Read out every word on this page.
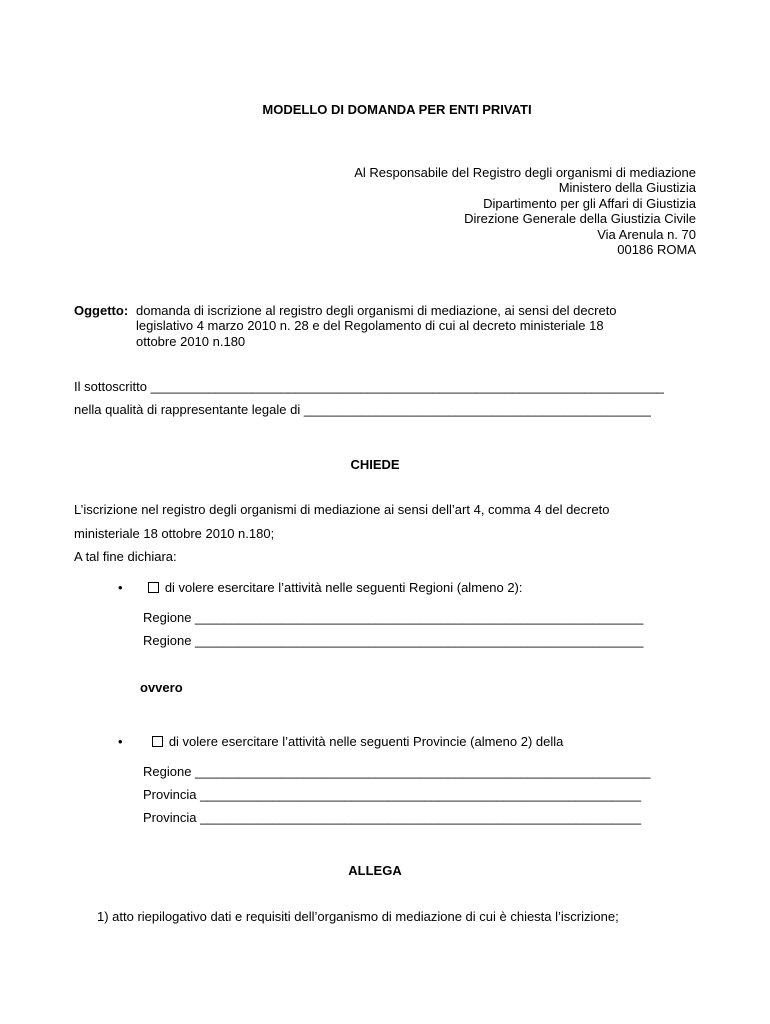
MODELLO DI DOMANDA PER ENTI PRIVATI
Al Responsabile del Registro degli organismi di mediazione
Ministero della Giustizia
Dipartimento per gli Affari di Giustizia
Direzione Generale della Giustizia Civile
Via Arenula n. 70
00186 ROMA
Oggetto: domanda di iscrizione al registro degli organismi di mediazione, ai sensi del decreto
legislativo 4 marzo 2010 n. 28 e del Regolamento di cui al decreto ministeriale 18
ottobre 2010 n.180
Il sottoscritto _______________________________________________________________________
nella qualità di rappresentante legale di ________________________________________________
CHIEDE
L’iscrizione nel registro degli organismi di mediazione ai sensi dell’art 4, comma 4 del decreto
ministeriale 18 ottobre 2010 n.180;
A tal fine dichiara:
•	di volere esercitare l’attività nelle seguenti Regioni (almeno 2):
Regione ______________________________________________________________
Regione ______________________________________________________________
ovvero
•	di volere esercitare l’attività nelle seguenti Provincie (almeno 2) della
Regione _______________________________________________________________
Provincia _____________________________________________________________
Provincia _____________________________________________________________
ALLEGA
1) atto riepilogativo dati e requisiti dell’organismo di mediazione di cui è chiesta l’iscrizione;
